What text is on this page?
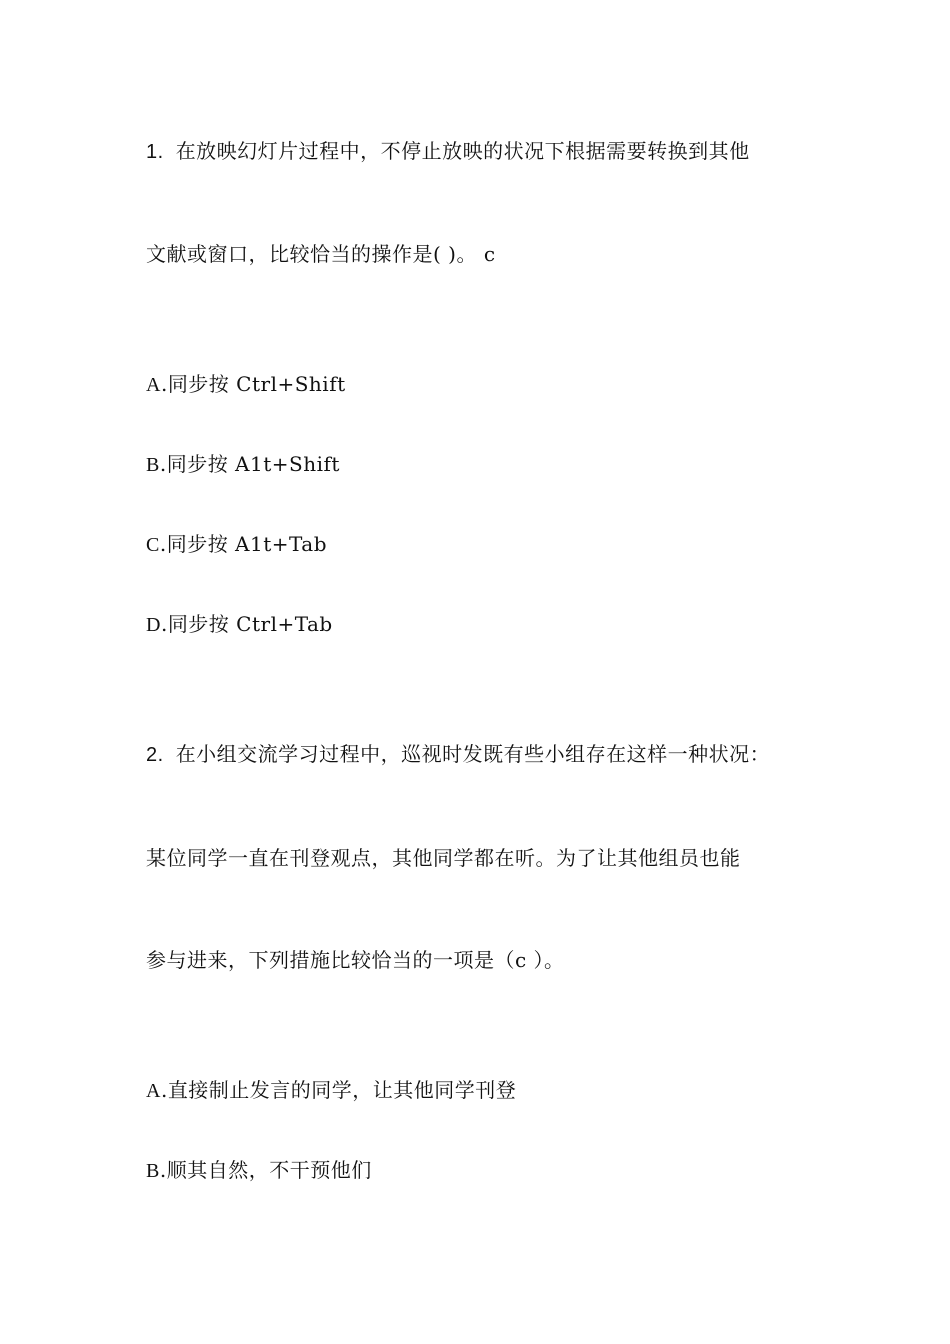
1. 在放映幻灯片过程中，不停止放映的状况下根据需要转换到其他
文献或窗口，比较恰当的操作是( )。 c
A.同步按 Ctrl+Shift
B.同步按 A1t+Shift
C.同步按 A1t+Tab
D.同步按 Ctrl+Tab
2. 在小组交流学习过程中，巡视时发既有些小组存在这样一种状况：
某位同学一直在刊登观点，其他同学都在听。为了让其他组员也能
参与进来，下列措施比较恰当的一项是（c ）。
A.直接制止发言的同学，让其他同学刊登
B.顺其自然，不干预他们
